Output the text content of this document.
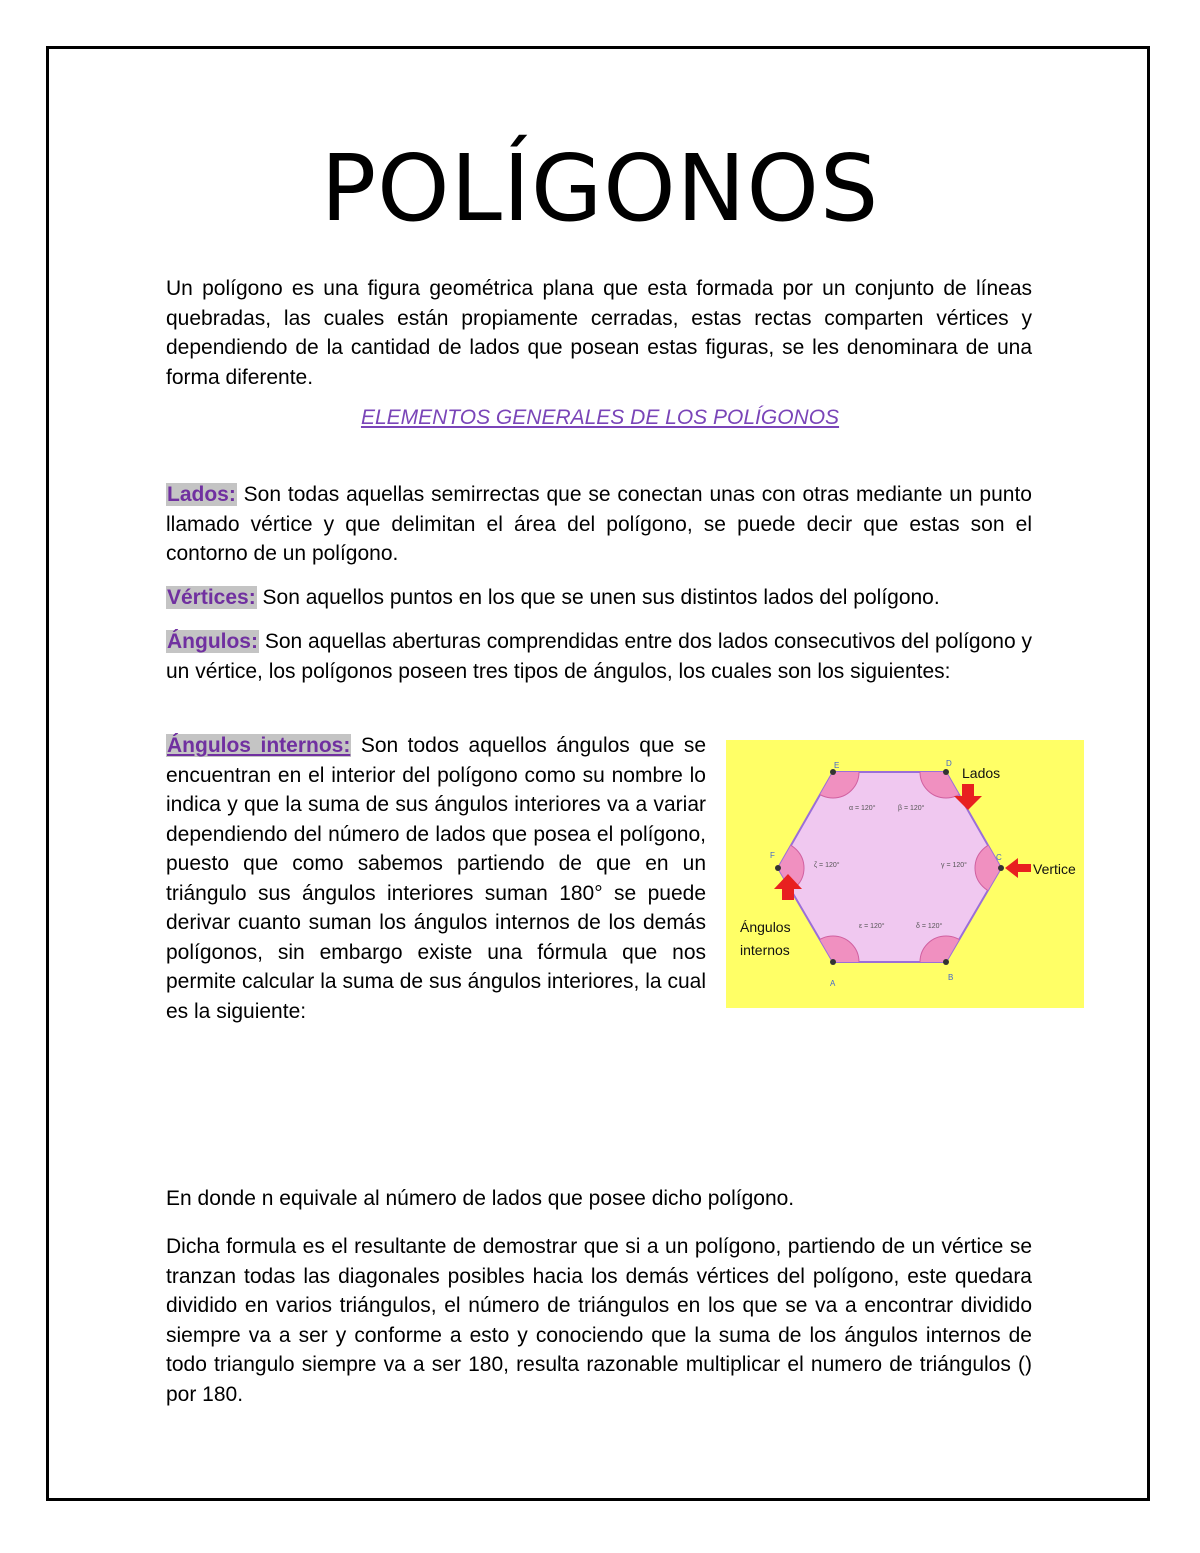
POLÍGONOS

Un polígono es una figura geométrica plana que esta formada por un conjunto de líneas quebradas, las cuales están propiamente cerradas, estas rectas comparten vértices y dependiendo de la cantidad de lados que posean estas figuras, se les denominara de una forma diferente.

ELEMENTOS GENERALES DE LOS POLÍGONOS

Lados: Son todas aquellas semirrectas que se conectan unas con otras mediante un punto llamado vértice y que delimitan el área del polígono, se puede decir que estas son el contorno de un polígono.

Vértices: Son aquellos puntos en los que se unen sus distintos lados del polígono.

Ángulos: Son aquellas aberturas comprendidas entre dos lados consecutivos del polígono y un vértice, los polígonos poseen tres tipos de ángulos, los cuales son los siguientes:

Ángulos internos: Son todos aquellos ángulos que se encuentran en el interior del polígono como su nombre lo indica y que la suma de sus ángulos interiores va a variar dependiendo del número de lados que posea el polígono, puesto que como sabemos partiendo de que en un triángulo sus ángulos interiores suman 180° se puede derivar cuanto suman los ángulos internos de los demás polígonos, sin embargo existe una fórmula que nos permite calcular la suma de sus ángulos interiores, la cual es la siguiente:

α = 120°	β = 120°
γ = 120°
δ = 120°
ε = 120°
ζ = 120°
F
A
B
C
D
E	Lados
Vertice
Ángulos
internos

En donde n equivale al número de lados que posee dicho polígono.

Dicha formula es el resultante de demostrar que si a un polígono, partiendo de un vértice se tranzan todas las diagonales posibles hacia los demás vértices del polígono, este quedara dividido en varios triángulos, el número de triángulos en los que se va a encontrar dividido siempre va a ser y conforme a esto y conociendo que la suma de los ángulos internos de todo triangulo siempre va a ser 180, resulta razonable multiplicar el numero de triángulos () por 180.
